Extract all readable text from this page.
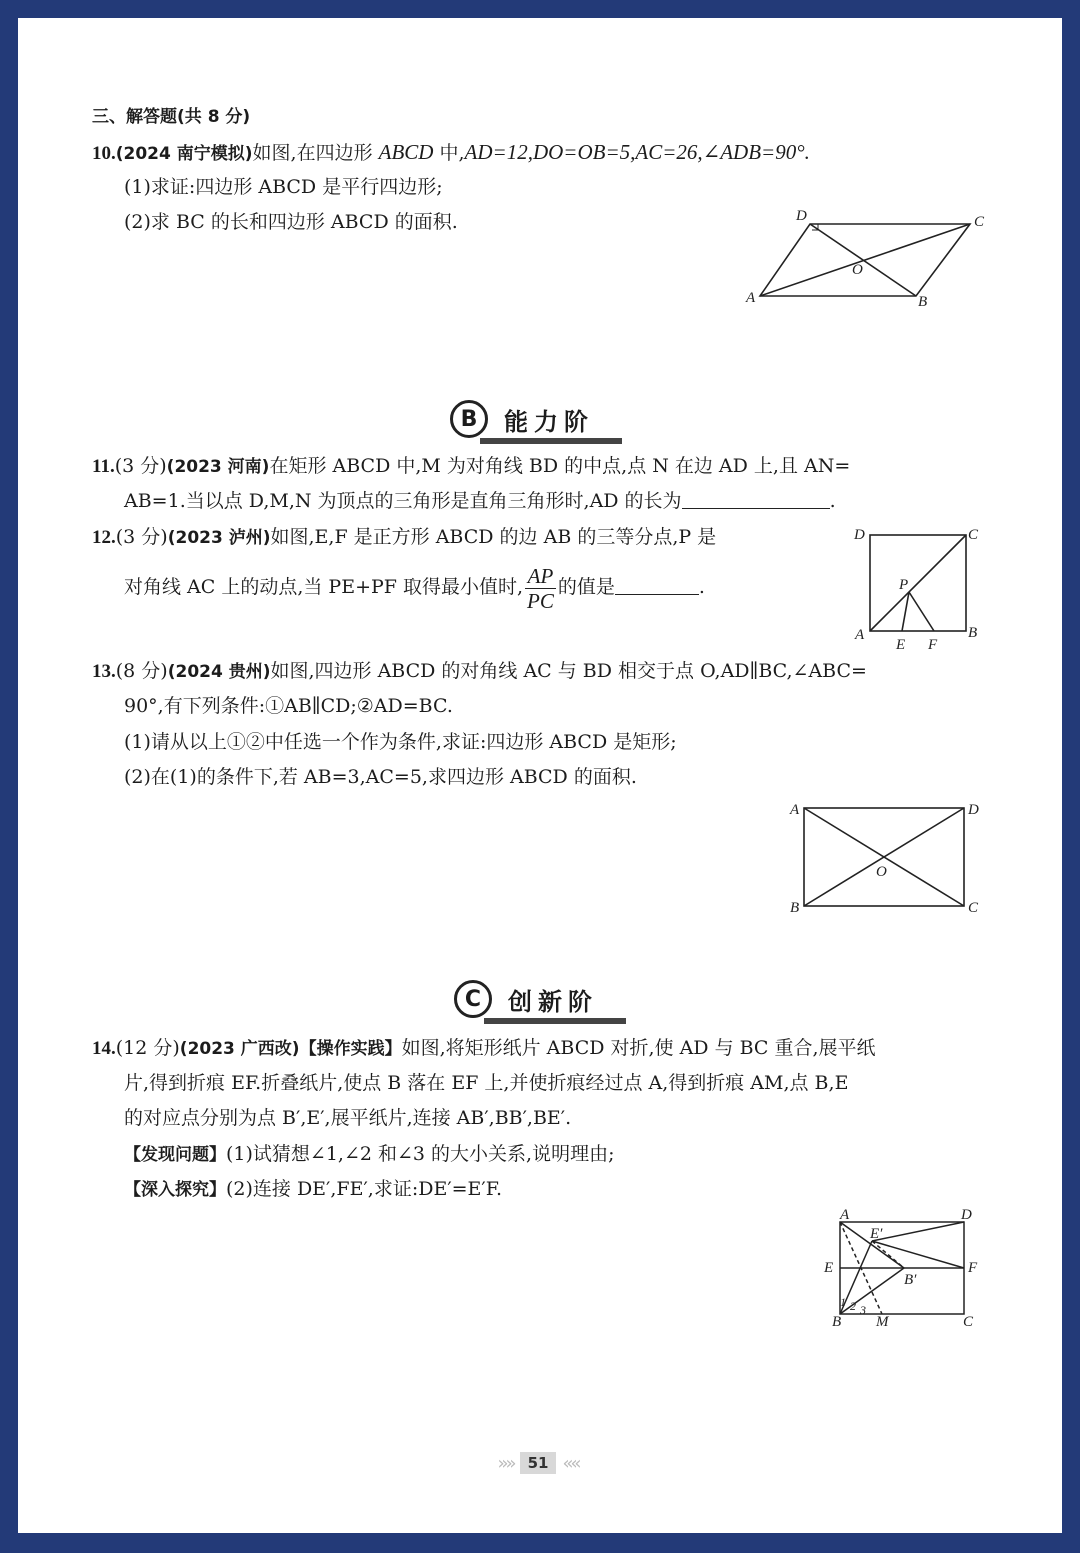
三、解答题(共 8 分)
10.(2024 南宁模拟)如图,在四边形 ABCD 中,AD=12,DO=OB=5,AC=26,∠ADB=90°.
(1)求证:四边形 ABCD 是平行四边形;
(2)求 BC 的长和四边形 ABCD 的面积.
A	B
C
D
O
B	能力阶
11.(3 分)(2023 河南)在矩形 ABCD 中,M 为对角线 BD 的中点,点 N 在边 AD 上,且 AN=
AB=1.当以点 D,M,N 为顶点的三角形是直角三角形时,AD 的长为	.
12.(3 分)(2023 泸州)如图,E,F 是正方形 ABCD 的边 AB 的三等分点,P 是
对角线 AC 上的动点,当 PE+PF 取得最小值时, $\frac{AP}{PC}$ 的值是	.
A	B
C
D
E F
P
13.(8 分)(2024 贵州)如图,四边形 ABCD 的对角线 AC 与 BD 相交于点 O,AD∥BC,∠ABC=
90°,有下列条件:①AB∥CD;②AD=BC.
(1)请从以上①②中任选一个作为条件,求证:四边形 ABCD 是矩形;
(2)在(1)的条件下,若 AB=3,AC=5,求四边形 ABCD 的面积.
A
B	C
D
O
C	创新阶
14.(12 分)(2023 广西改)【操作实践】如图,将矩形纸片 ABCD 对折,使 AD 与 BC 重合,展平纸
片,得到折痕 EF.折叠纸片,使点 B 落在 EF 上,并使折痕经过点 A,得到折痕 AM,点 B,E
的对应点分别为点 B′,E′,展平纸片,连接 AB′,BB′,BE′.
【发现问题】(1)试猜想∠1,∠2 和∠3 的大小关系,说明理由;
【深入探究】(2)连接 DE′,FE′,求证:DE′=E′F.
A
B	C
D
E	F
M
E′
B′
1 2 3
»» 51 ««
